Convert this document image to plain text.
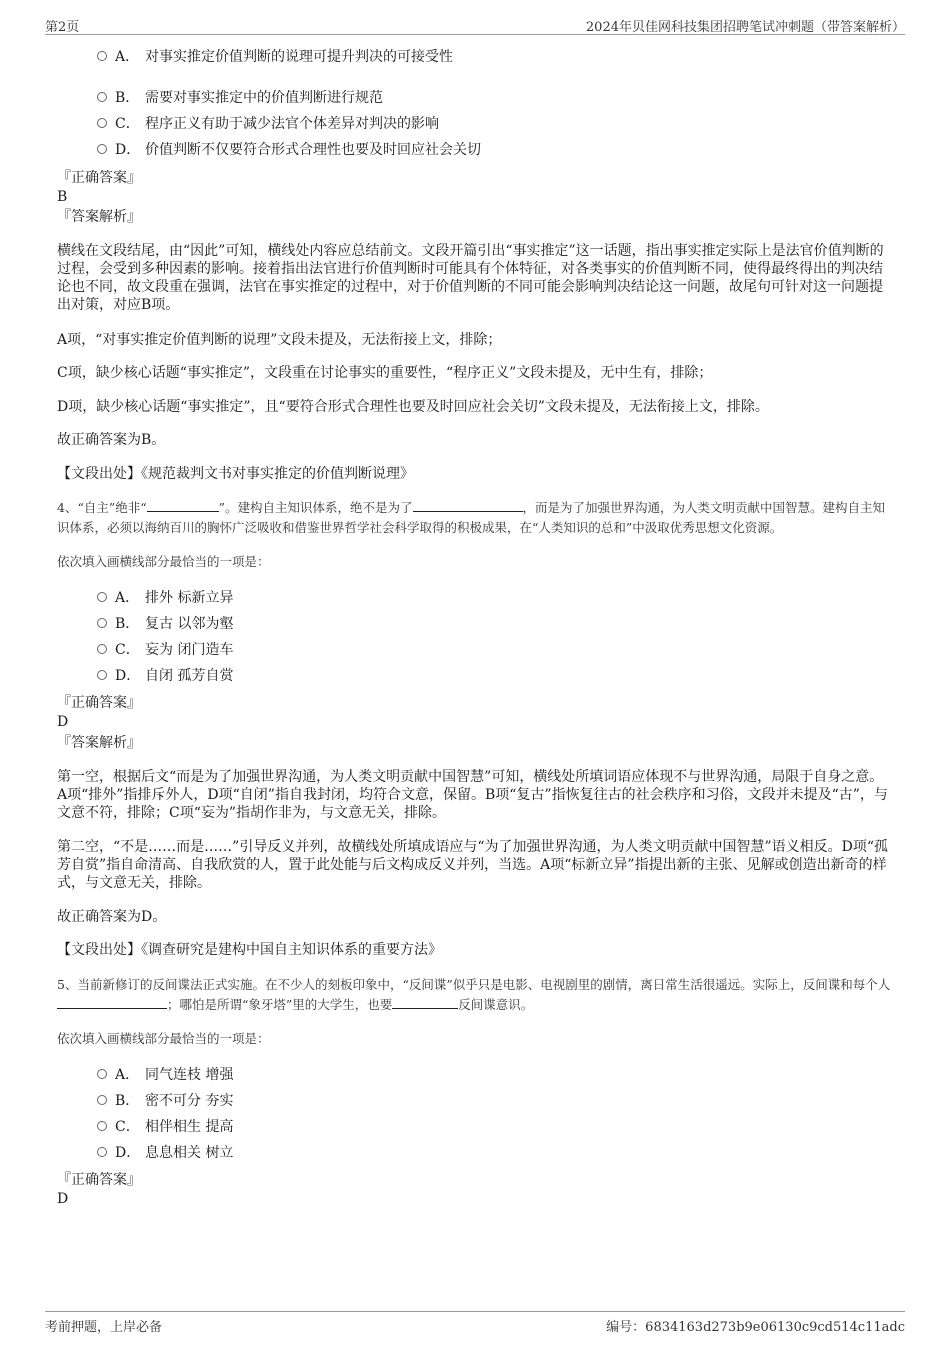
第2页	2024年贝佳网科技集团招聘笔试冲刺题（带答案解析）
A． 对事实推定价值判断的说理可提升判决的可接受性
B． 需要对事实推定中的价值判断进行规范
C． 程序正义有助于减少法官个体差异对判决的影响
D． 价值判断不仅要符合形式合理性也要及时回应社会关切
『正确答案』
B
『答案解析』
横线在文段结尾，由“因此”可知，横线处内容应总结前文。文段开篇引出“事实推定”这一话题，指出事实推定实际上是法官价值判断的过程，会受到多种因素的影响。接着指出法官进行价值判断时可能具有个体特征，对各类事实的价值判断不同，使得最终得出的判决结论也不同，故文段重在强调，法官在事实推定的过程中，对于价值判断的不同可能会影响判决结论这一问题，故尾句可针对这一问题提出对策，对应B项。
A项，“对事实推定价值判断的说理”文段未提及，无法衔接上文，排除；
C项，缺少核心话题“事实推定”，文段重在讨论事实的重要性，“程序正义”文段未提及，无中生有，排除；
D项，缺少核心话题“事实推定”，且“要符合形式合理性也要及时回应社会关切”文段未提及，无法衔接上文，排除。
故正确答案为B。
【文段出处】《规范裁判文书对事实推定的价值判断说理》
4、“自主”绝非“	”。建构自主知识体系，绝不是为了	，而是为了加强世界沟通，为人类文明贡献中国智慧。建构自主知识体系，必须以海纳百川的胸怀广泛吸收和借鉴世界哲学社会科学取得的积极成果，在“人类知识的总和”中汲取优秀思想文化资源。
依次填入画横线部分最恰当的一项是：
A． 排外 标新立异
B． 复古 以邻为壑
C． 妄为 闭门造车
D． 自闭 孤芳自赏
『正确答案』
D
『答案解析』
第一空，根据后文“而是为了加强世界沟通，为人类文明贡献中国智慧”可知，横线处所填词语应体现不与世界沟通，局限于自身之意。A项“排外”指排斥外人，D项“自闭”指自我封闭，均符合文意，保留。B项“复古”指恢复往古的社会秩序和习俗，文段并未提及“古”，与文意不符，排除；C项“妄为”指胡作非为，与文意无关，排除。
第二空，“不是……而是……”引导反义并列，故横线处所填成语应与“为了加强世界沟通，为人类文明贡献中国智慧”语义相反。D项“孤芳自赏”指自命清高、自我欣赏的人，置于此处能与后文构成反义并列，当选。A项“标新立异”指提出新的主张、见解或创造出新奇的样式，与文意无关，排除。
故正确答案为D。
【文段出处】《调查研究是建构中国自主知识体系的重要方法》
5、当前新修订的反间谍法正式实施。在不少人的刻板印象中，“反间谍”似乎只是电影、电视剧里的剧情，离日常生活很遥远。实际上，反间谍和每个人；哪怕是所谓“象牙塔”里的大学生，也要	反间谍意识。
依次填入画横线部分最恰当的一项是：
A． 同气连枝 增强
B． 密不可分 夯实
C． 相伴相生 提高
D． 息息相关 树立
『正确答案』
D
考前押题，上岸必备	编号：6834163d273b9e06130c9cd514c11adc
